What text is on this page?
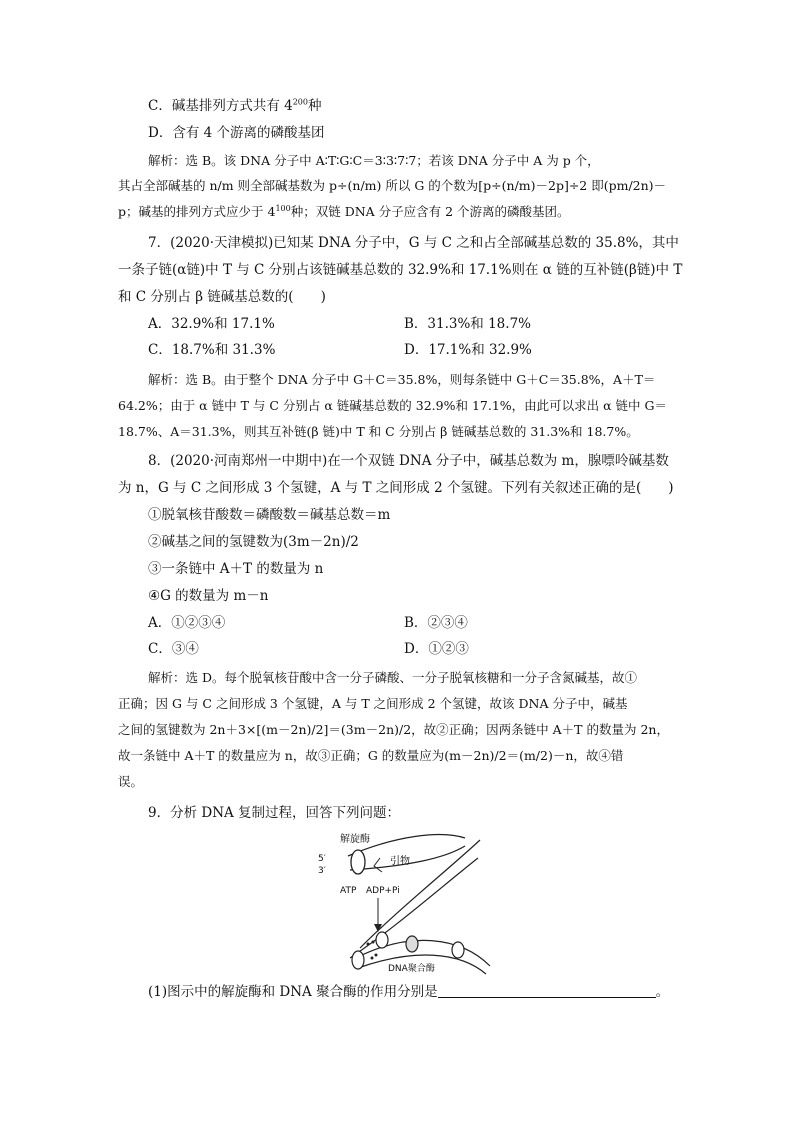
C．碱基排列方式共有 $4^{200}$种
D．含有 4 个游离的磷酸基团
解析：选 B。该 DNA 分子中 A∶T∶G∶C＝3∶3∶7∶7；若该 DNA 分子中 A 为 p 个，
其占全部碱基的 n/m 则全部碱基数为 p÷(n/m) 所以 G 的个数为[p÷(n/m)－2p]÷2 即(pm/2n)－
p；碱基的排列方式应少于 $4^{100}$种；双链 DNA 分子应含有 2 个游离的磷酸基团。
7．(2020·天津模拟)已知某 DNA 分子中，G 与 C 之和占全部碱基总数的 35.8%，其中
一条子链(α链)中 T 与 C 分别占该链碱基总数的 32.9%和 17.1%则在 α 链的互补链(β链)中 T
和 C 分别占 β 链碱基总数的(　　)
A．32.9%和 17.1%	B．31.3%和 18.7%
C．18.7%和 31.3%	D．17.1%和 32.9%
解析：选 B。由于整个 DNA 分子中 G＋C＝35.8%，则每条链中 G＋C＝35.8%，A＋T＝
64.2%；由于 α 链中 T 与 C 分别占 α 链碱基总数的 32.9%和 17.1%，由此可以求出 α 链中 G＝
18.7%、A＝31.3%，则其互补链(β 链)中 T 和 C 分别占 β 链碱基总数的 31.3%和 18.7%。
8．(2020·河南郑州一中期中)在一个双链 DNA 分子中，碱基总数为 m，腺嘌呤碱基数
为 n，G 与 C 之间形成 3 个氢键，A 与 T 之间形成 2 个氢键。下列有关叙述正确的是(　　)
①脱氧核苷酸数＝磷酸数＝碱基总数＝m
②碱基之间的氢键数为(3m－2n)/2
③一条链中 A＋T 的数量为 n
④G 的数量为 m－n
A．①②③④	B．②③④
C．③④	D．①②③
解析：选 D。每个脱氧核苷酸中含一分子磷酸、一分子脱氧核糖和一分子含氮碱基，故①
正确；因 G 与 C 之间形成 3 个氢键，A 与 T 之间形成 2 个氢键，故该 DNA 分子中，碱基
之间的氢键数为 2n＋3×[(m－2n)/2]＝(3m－2n)/2，故②正确；因两条链中 A＋T 的数量为 2n，
故一条链中 A＋T 的数量应为 n，故③正确；G 的数量应为(m－2n)/2＝(m/2)－n，故④错
误。
9．分析 DNA 复制过程，回答下列问题：
解旋酶
引物
5′
3′
ATP ADP+Pi
DNA聚合酶
(1)图示中的解旋酶和 DNA 聚合酶的作用分别是	。
